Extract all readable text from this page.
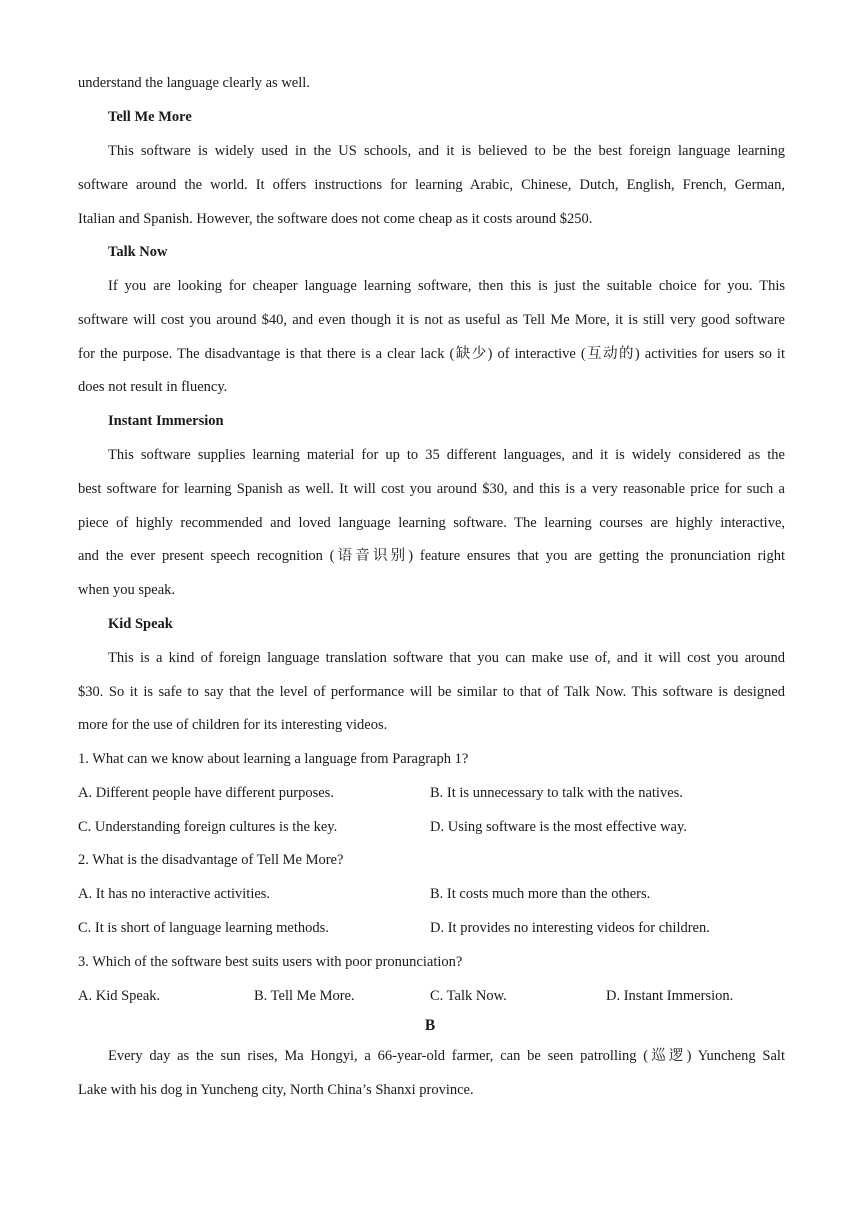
understand the language clearly as well.
Tell Me More
This software is widely used in the US schools, and it is believed to be the best foreign language learning
software around the world. It offers instructions for learning Arabic, Chinese, Dutch, English, French, German,
Italian and Spanish. However, the software does not come cheap as it costs around $250.
Talk Now
If you are looking for cheaper language learning software, then this is just the suitable choice for you. This
software will cost you around $40, and even though it is not as useful as Tell Me More, it is still very good software
for the purpose. The disadvantage is that there is a clear lack (缺少) of interactive (互动的) activities for users so it
does not result in fluency.
Instant Immersion
This software supplies learning material for up to 35 different languages, and it is widely considered as the
best software for learning Spanish as well. It will cost you around $30, and this is a very reasonable price for such a
piece of highly recommended and loved language learning software. The learning courses are highly interactive,
and the ever present speech recognition (语音识别) feature ensures that you are getting the pronunciation right
when you speak.
Kid Speak
This is a kind of foreign language translation software that you can make use of, and it will cost you around
$30. So it is safe to say that the level of performance will be similar to that of Talk Now. This software is designed
more for the use of children for its interesting videos.
1. What can we know about learning a language from Paragraph 1?
A. Different people have different purposes.	B. It is unnecessary to talk with the natives.
C. Understanding foreign cultures is the key.	D. Using software is the most effective way.
2. What is the disadvantage of Tell Me More?
A. It has no interactive activities.	B. It costs much more than the others.
C. It is short of language learning methods.	D. It provides no interesting videos for children.
3. Which of the software best suits users with poor pronunciation?
A. Kid Speak.	B. Tell Me More.	C. Talk Now.	D. Instant Immersion.
B
Every day as the sun rises, Ma Hongyi, a 66-year-old farmer, can be seen patrolling (巡逻) Yuncheng Salt
Lake with his dog in Yuncheng city, North China’s Shanxi province.
